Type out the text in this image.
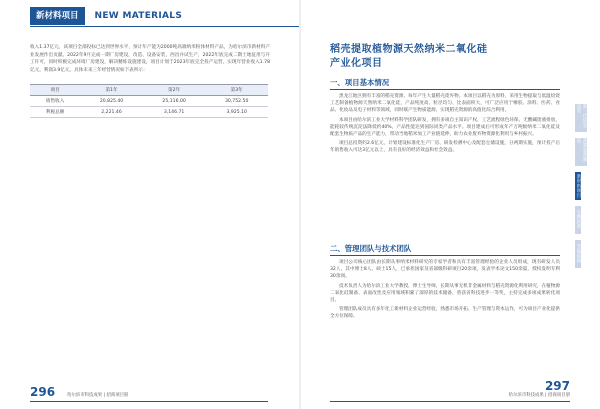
新材料项目	NEW MATERIALS
收入1.37亿元，该项目全部投标已达到世界水平，预计年产能为2000吨高端纳米粉体材料产品，为哈尔滨市新材料产业发展作出贡献。2022年9月完成一期厂房建设，改造、设备安装，西昌并试生产，2022年底完成二期土地征用与开工许可，同时积极完成环境厂房建设，解决精炼设施建设，项目计划于2023年底完全投产运营，实现年营业收入1.78亿元，利润3.9亿元。具体未来三年经营情况如下表所示：
项目	第1年	第2年	第3年
销售收入	20,825.40	25,116.00	30,752.50
利税总额	2,221.46	3,146.71	3,925.10
296	哈尔滨市科技成果 | 招商项目册
稻壳提取植物源天然纳米二氧化硅
产业化项目
一、项目基本情况

黑龙江地区拥有丰富的稻壳资源，每年产生大量稻壳废弃物。本项目以稻壳为原料，采用生物提取与低温焙烧工艺制备植物源天然纳米二氧化硅，产品纯度高、粒径均匀、比表面积大，可广泛应用于橡胶、涂料、医药、食品、化妆品及电子材料等领域，同时联产生物质能源，实现稻壳资源的高值化综合利用。

本项目由哈尔滨工业大学材料科学团队研发，拥有多项自主知识产权，工艺流程绿色环保，无酸碱废液排放，能耗较传统沉淀法降低约40%，产品性能达到国际同类产品水平。项目建成后可形成年产万吨级纳米二氧化硅及配套生物质产品的生产能力，带动当地稻米加工产业链延伸，助力农业废弃物资源化利用与乡村振兴。

项目总投资约2.6亿元，计划建设标准化生产厂房、研发检测中心及配套仓储设施，分两期实施，预计投产后年销售收入可达3亿元以上，具有良好的经济效益和社会效益。

二、管理团队与技术团队

项目公司核心团队由长期从事纳米材料研究的专家学者和具有丰富管理经验的企业人员组成，现有研发人员32人，其中博士8人、硕士15人，已承担国家及省部级科研项目20余项，发表学术论文150余篇，授权发明专利30余项。

技术负责人为哈尔滨工业大学教授、博士生导师，长期从事无机非金属材料与稻壳资源化利用研究，在植物源二氧化硅制备、表面改性及应用领域积累了深厚的技术储备，曾获省科技进步一等奖，主持完成多项成果转化项目。

管理团队成员具有多年化工新材料企业运营经验，熟悉市场开拓、生产管理与资本运作，可为项目产业化提供全方位保障。

新一代信息技术
高端装备制造
新材料项目
生物医药
节能环保
297
哈尔滨市科技成果 | 招商项目册
